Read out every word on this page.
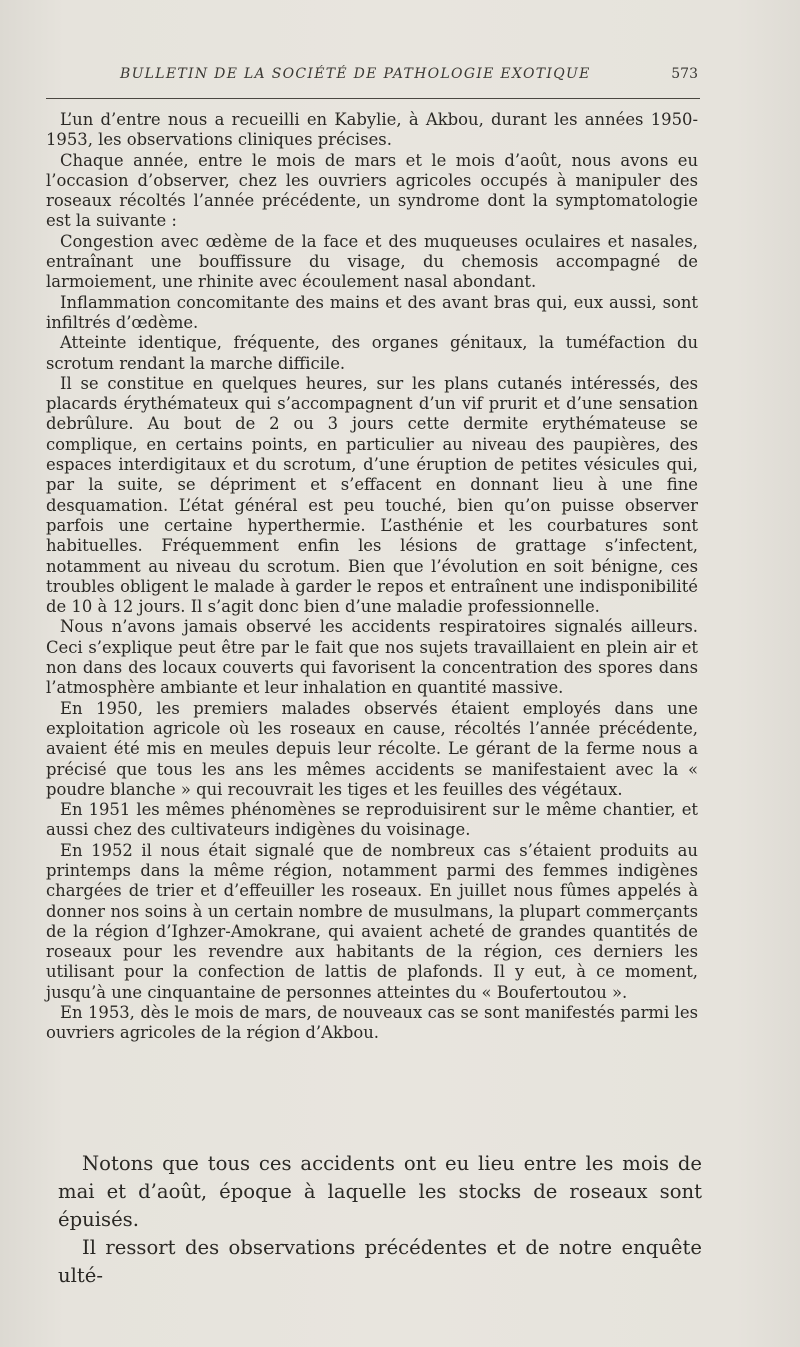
BULLETIN DE LA SOCIÉTÉ DE PATHOLOGIE EXOTIQUE	573

L’un d’entre nous a recueilli en Kabylie, à Akbou, durant les années 1950-1953, les observations cliniques précises.

Chaque année, entre le mois de mars et le mois d’août, nous avons eu l’occasion d’observer, chez les ouvriers agricoles occupés à manipuler des roseaux récoltés l’année précédente, un syndrome dont la symptomatologie est la suivante :

Congestion avec œdème de la face et des muqueuses oculaires et nasales, entraînant une bouffissure du visage, du chemosis accompagné de larmoiement, une rhinite avec écoulement nasal abondant.

Inflammation concomitante des mains et des avant bras qui, eux aussi, sont infiltrés d’œdème.

Atteinte identique, fréquente, des organes génitaux, la tuméfaction du scrotum rendant la marche difficile.

Il se constitue en quelques heures, sur les plans cutanés intéressés, des placards érythémateux qui s’accompagnent d’un vif prurit et d’une sensation debrûlure. Au bout de 2 ou 3 jours cette dermite erythémateuse se complique, en certains points, en particulier au niveau des paupières, des espaces interdigitaux et du scrotum, d’une éruption de petites vésicules qui, par la suite, se dépriment et s’effacent en donnant lieu à une fine desquamation. L’état général est peu touché, bien qu’on puisse observer parfois une certaine hyperthermie. L’asthénie et les courbatures sont habituelles. Fréquemment enfin les lésions de grattage s’infectent, notamment au niveau du scrotum. Bien que l’évolution en soit bénigne, ces troubles obligent le malade à garder le repos et entraînent une indisponibilité de 10 à 12 jours. Il s’agit donc bien d’une maladie professionnelle.

Nous n’avons jamais observé les accidents respiratoires signalés ailleurs. Ceci s’explique peut être par le fait que nos sujets travaillaient en plein air et non dans des locaux couverts qui favorisent la concentration des spores dans l’atmosphère ambiante et leur inhalation en quantité massive.

En 1950, les premiers malades observés étaient employés dans une exploitation agricole où les roseaux en cause, récoltés l’année précédente, avaient été mis en meules depuis leur récolte. Le gérant de la ferme nous a précisé que tous les ans les mêmes accidents se manifestaient avec la « poudre blanche » qui recouvrait les tiges et les feuilles des végétaux.

En 1951 les mêmes phénomènes se reproduisirent sur le même chantier, et aussi chez des cultivateurs indigènes du voisinage.

En 1952 il nous était signalé que de nombreux cas s’étaient produits au printemps dans la même région, notamment parmi des femmes indigènes chargées de trier et d’effeuiller les roseaux. En juillet nous fûmes appelés à donner nos soins à un certain nombre de musulmans, la plupart commerçants de la région d’Ighzer-Amokrane, qui avaient acheté de grandes quantités de roseaux pour les revendre aux habitants de la région, ces derniers les utilisant pour la confection de lattis de plafonds. Il y eut, à ce moment, jusqu’à une cinquantaine de personnes atteintes du « Boufertoutou ».

En 1953, dès le mois de mars, de nouveaux cas se sont manifestés parmi les ouvriers agricoles de la région d’Akbou.

Notons que tous ces accidents ont eu lieu entre les mois de mai et d’août, époque à laquelle les stocks de roseaux sont épuisés.

Il ressort des observations précédentes et de notre enquête ulté-
